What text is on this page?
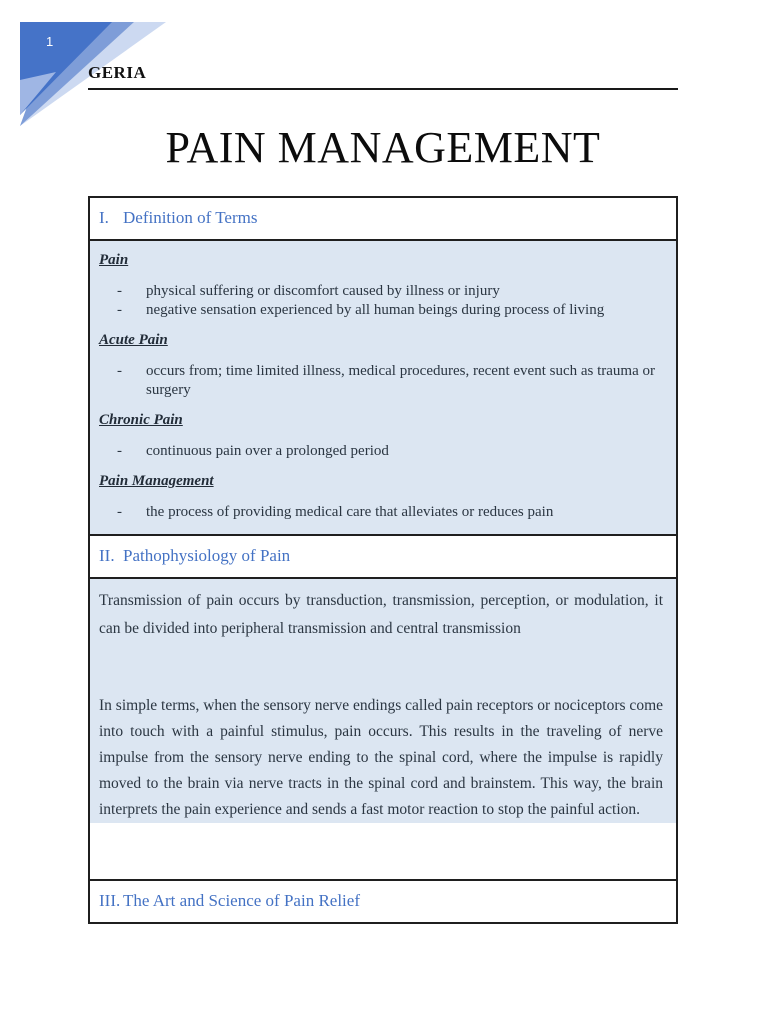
1
GERIA
PAIN MANAGEMENT
I. Definition of Terms
Pain
- physical suffering or discomfort caused by illness or injury
- negative sensation experienced by all human beings during process of living
Acute Pain
- occurs from; time limited illness, medical procedures, recent event such as trauma or surgery
Chronic Pain
- continuous pain over a prolonged period
Pain Management
- the process of providing medical care that alleviates or reduces pain
II. Pathophysiology of Pain

Transmission of pain occurs by transduction, transmission, perception, or modulation, it can be divided into peripheral transmission and central transmission

In simple terms, when the sensory nerve endings called pain receptors or nociceptors come into touch with a painful stimulus, pain occurs. This results in the traveling of nerve impulse from the sensory nerve ending to the spinal cord, where the impulse is rapidly moved to the brain via nerve tracts in the spinal cord and brainstem. This way, the brain interprets the pain experience and sends a fast motor reaction to stop the painful action.

III. The Art and Science of Pain Relief
